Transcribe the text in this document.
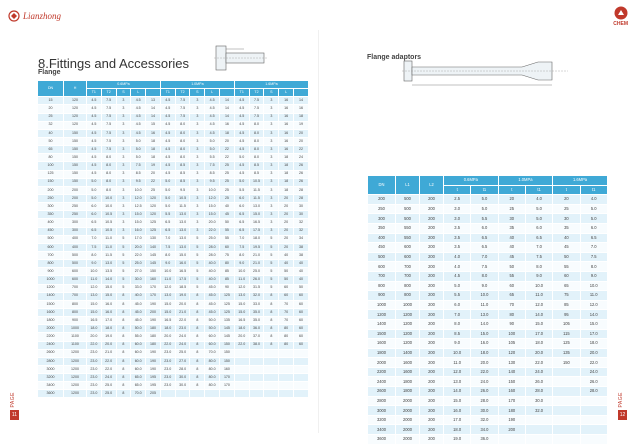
Lianzhong
CHEM
8.Fittings and Accessories
Flange
DN	H	0.6MPa					1.0MPa					1.6MPa				
		T1	T2	S	L		T1	T2	S	L		T1	T2	S	L	
15	120	4.5	7.5	3	4.5	13	4.5	7.5	3	4.5	14	4.5	7.5	3	16	14
20	120	4.5	7.5	3	4.5	14	4.5	7.5	3	4.5	14	4.5	7.5	3	16	16
25	120	4.5	7.5	3	4.5	14	4.5	7.5	3	4.5	14	4.5	7.5	3	16	18
32	120	4.5	7.5	3	4.5	15	4.5	8.0	3	4.5	16	4.5	8.0	3	16	19
40	150	4.5	7.5	3	4.5	16	4.5	8.0	3	4.5	18	4.5	8.0	3	16	20
50	150	4.5	7.5	3	5.0	18	4.5	8.0	3	5.0	20	4.5	8.0	3	16	20
65	150	4.5	7.5	3	5.0	18	4.5	8.0	3	5.0	22	4.5	8.0	3	16	22
80	150	4.5	8.0	3	5.0	18	4.5	8.0	3	5.5	22	5.0	8.0	3	18	24
100	150	4.5	8.0	3	7.5	19	4.5	8.5	3	7.5	25	4.5	8.5	3	18	26
125	150	4.5	8.0	3	8.5	20	4.5	8.5	3	8.5	25	4.5	8.5	3	18	26
150	150	5.0	8.0	3	9.5	22	5.0	8.5	3	9.5	25	5.0	10.5	3	18	26
200	200	5.0	8.0	3	10.0	25	5.0	9.5	3	10.0	25	5.5	11.5	3	18	28
250	200	5.0	10.0	3	12.0	120	5.0	10.5	3	12.0	25	6.0	11.5	3	20	28
300	250	6.0	10.0	3	12.5	120	5.0	11.5	3	15.0	40	6.0	13.0	3	20	30
350	250	6.0	10.5	3	15.0	120	5.5	13.0	3	15.0	45	6.5	15.0	3	20	30
400	300	6.5	10.5	3	15.0	125	6.5	13.0	3	20.0	50	6.5	16.5	3	20	32
450	300	6.5	10.5	3	16.0	125	6.5	13.0	3	22.0	55	6.5	17.5	3	20	32
500	400	7.0	11.0	5	17.0	130	7.0	13.0	5	25.0	55	7.0	18.0	5	20	34
600	400	7.5	11.0	5	20.0	140	7.5	13.0	5	28.0	60	7.5	19.5	5	20	38
700	500	8.0	11.5	5	22.0	145	8.0	15.0	5	28.0	75	8.0	21.0	5	40	38
800	500	9.0	13.0	5	25.0	145	9.0	16.0	5	40.0	80	9.0	21.0	5	40	40
900	600	10.0	13.5	5	27.0	150	10.0	16.5	5	40.0	85	10.0	25.0	5	50	40
1000	600	11.0	14.0	5	30.0	160	11.0	17.5	5	40.0	85	11.0	26.0	5	50	40
1200	700	12.0	15.0	5	33.0	170	12.0	18.5	5	45.0	90	12.0	31.5	5	60	50
1400	700	13.0	15.0	8	40.0	170	13.0	19.0	8	45.0	125	13.0	32.0	8	60	60
1500	800	15.0	16.0	8	45.0	190	15.0	20.0	8	45.0	125	15.0	33.0	8	70	60
1600	800	15.0	16.0	8	45.0	200	15.0	21.0	8	45.0	125	15.0	35.0	8	70	60
1800	900	16.5	17.0	8	45.0	190	16.5	22.0	8	50.0	135	16.5	35.0	8	70	60
2000	1000	18.0	18.0	8	50.0	180	18.0	23.0	8	50.0	145	18.0	36.0	8	80	60
2200	1100	20.0	19.0	8	55.0	180	20.0	24.0	8	60.0	145	20.0	37.0	8	80	60
2400	1100	22.0	20.0	8	60.0	180	22.0	24.0	8	60.0	150	22.0	38.0	8	80	60
2600	1200	23.0	21.0	8	60.0	190	23.0	25.0	8	70.0	150					
2800	1200	23.0	22.0	8	60.0	190	23.0	27.0	8	80.0	150					
3000	1200	23.0	22.0	8	60.0	190	23.0	28.0	8	80.0	160					
3200	1200	23.0	24.0	8	65.0	195	23.0	30.0	8	80.0	170					
3400	1200	23.0	25.0	8	65.0	195	23.0	30.0	8	80.0	170					
3600	1200	23.0	25.0	8	70.0	205										
PAGE
11
Flange adaptors
DN	L1	L2	0.6MPa		1.0MPa		1.6MPa	
			t	t1	t	t1	t	t1
200	500	200	2.5	5.0	20	4.0	20	4.0
250	500	200	3.0	5.0	25	5.0	25	5.0
300	500	200	3.0	5.5	30	5.0	30	5.0
350	550	200	3.5	6.0	35	6.0	35	6.0
400	550	200	3.5	6.5	40	6.5	40	6.5
450	600	200	3.5	6.5	40	7.0	45	7.0
500	600	200	4.0	7.0	45	7.5	50	7.5
600	700	200	4.0	7.5	50	8.0	55	8.0
700	700	200	4.5	8.0	55	9.0	60	9.0
800	800	200	5.0	9.0	60	10.0	65	10.0
900	800	200	5.5	10.0	65	11.0	75	11.0
1000	1000	200	6.0	11.0	70	12.0	85	12.0
1200	1200	200	7.0	13.0	80	14.0	95	14.0
1400	1200	200	8.0	14.0	90	15.0	105	15.0
1500	1200	200	8.5	15.0	100	17.0	115	17.0
1600	1200	200	9.0	16.0	105	18.0	125	18.0
1800	1400	200	10.0	18.0	120	20.0	135	20.0
2000	1600	200	11.0	20.0	130	22.0	150	22.0
2200	1600	200	12.0	22.0	140	24.0		24.0
2400	1800	200	13.0	24.0	150	26.0		26.0
2600	1800	200	14.0	26.0	160	28.0		28.0
2800	2000	200	15.0	28.0	170	30.0		
3000	2000	200	16.0	30.0	180	32.0		
3200	2000	200	17.0	32.0	190			
3400	2000	200	18.0	34.0	200			
3600	2000	200	19.0	36.0				
PAGE
12
